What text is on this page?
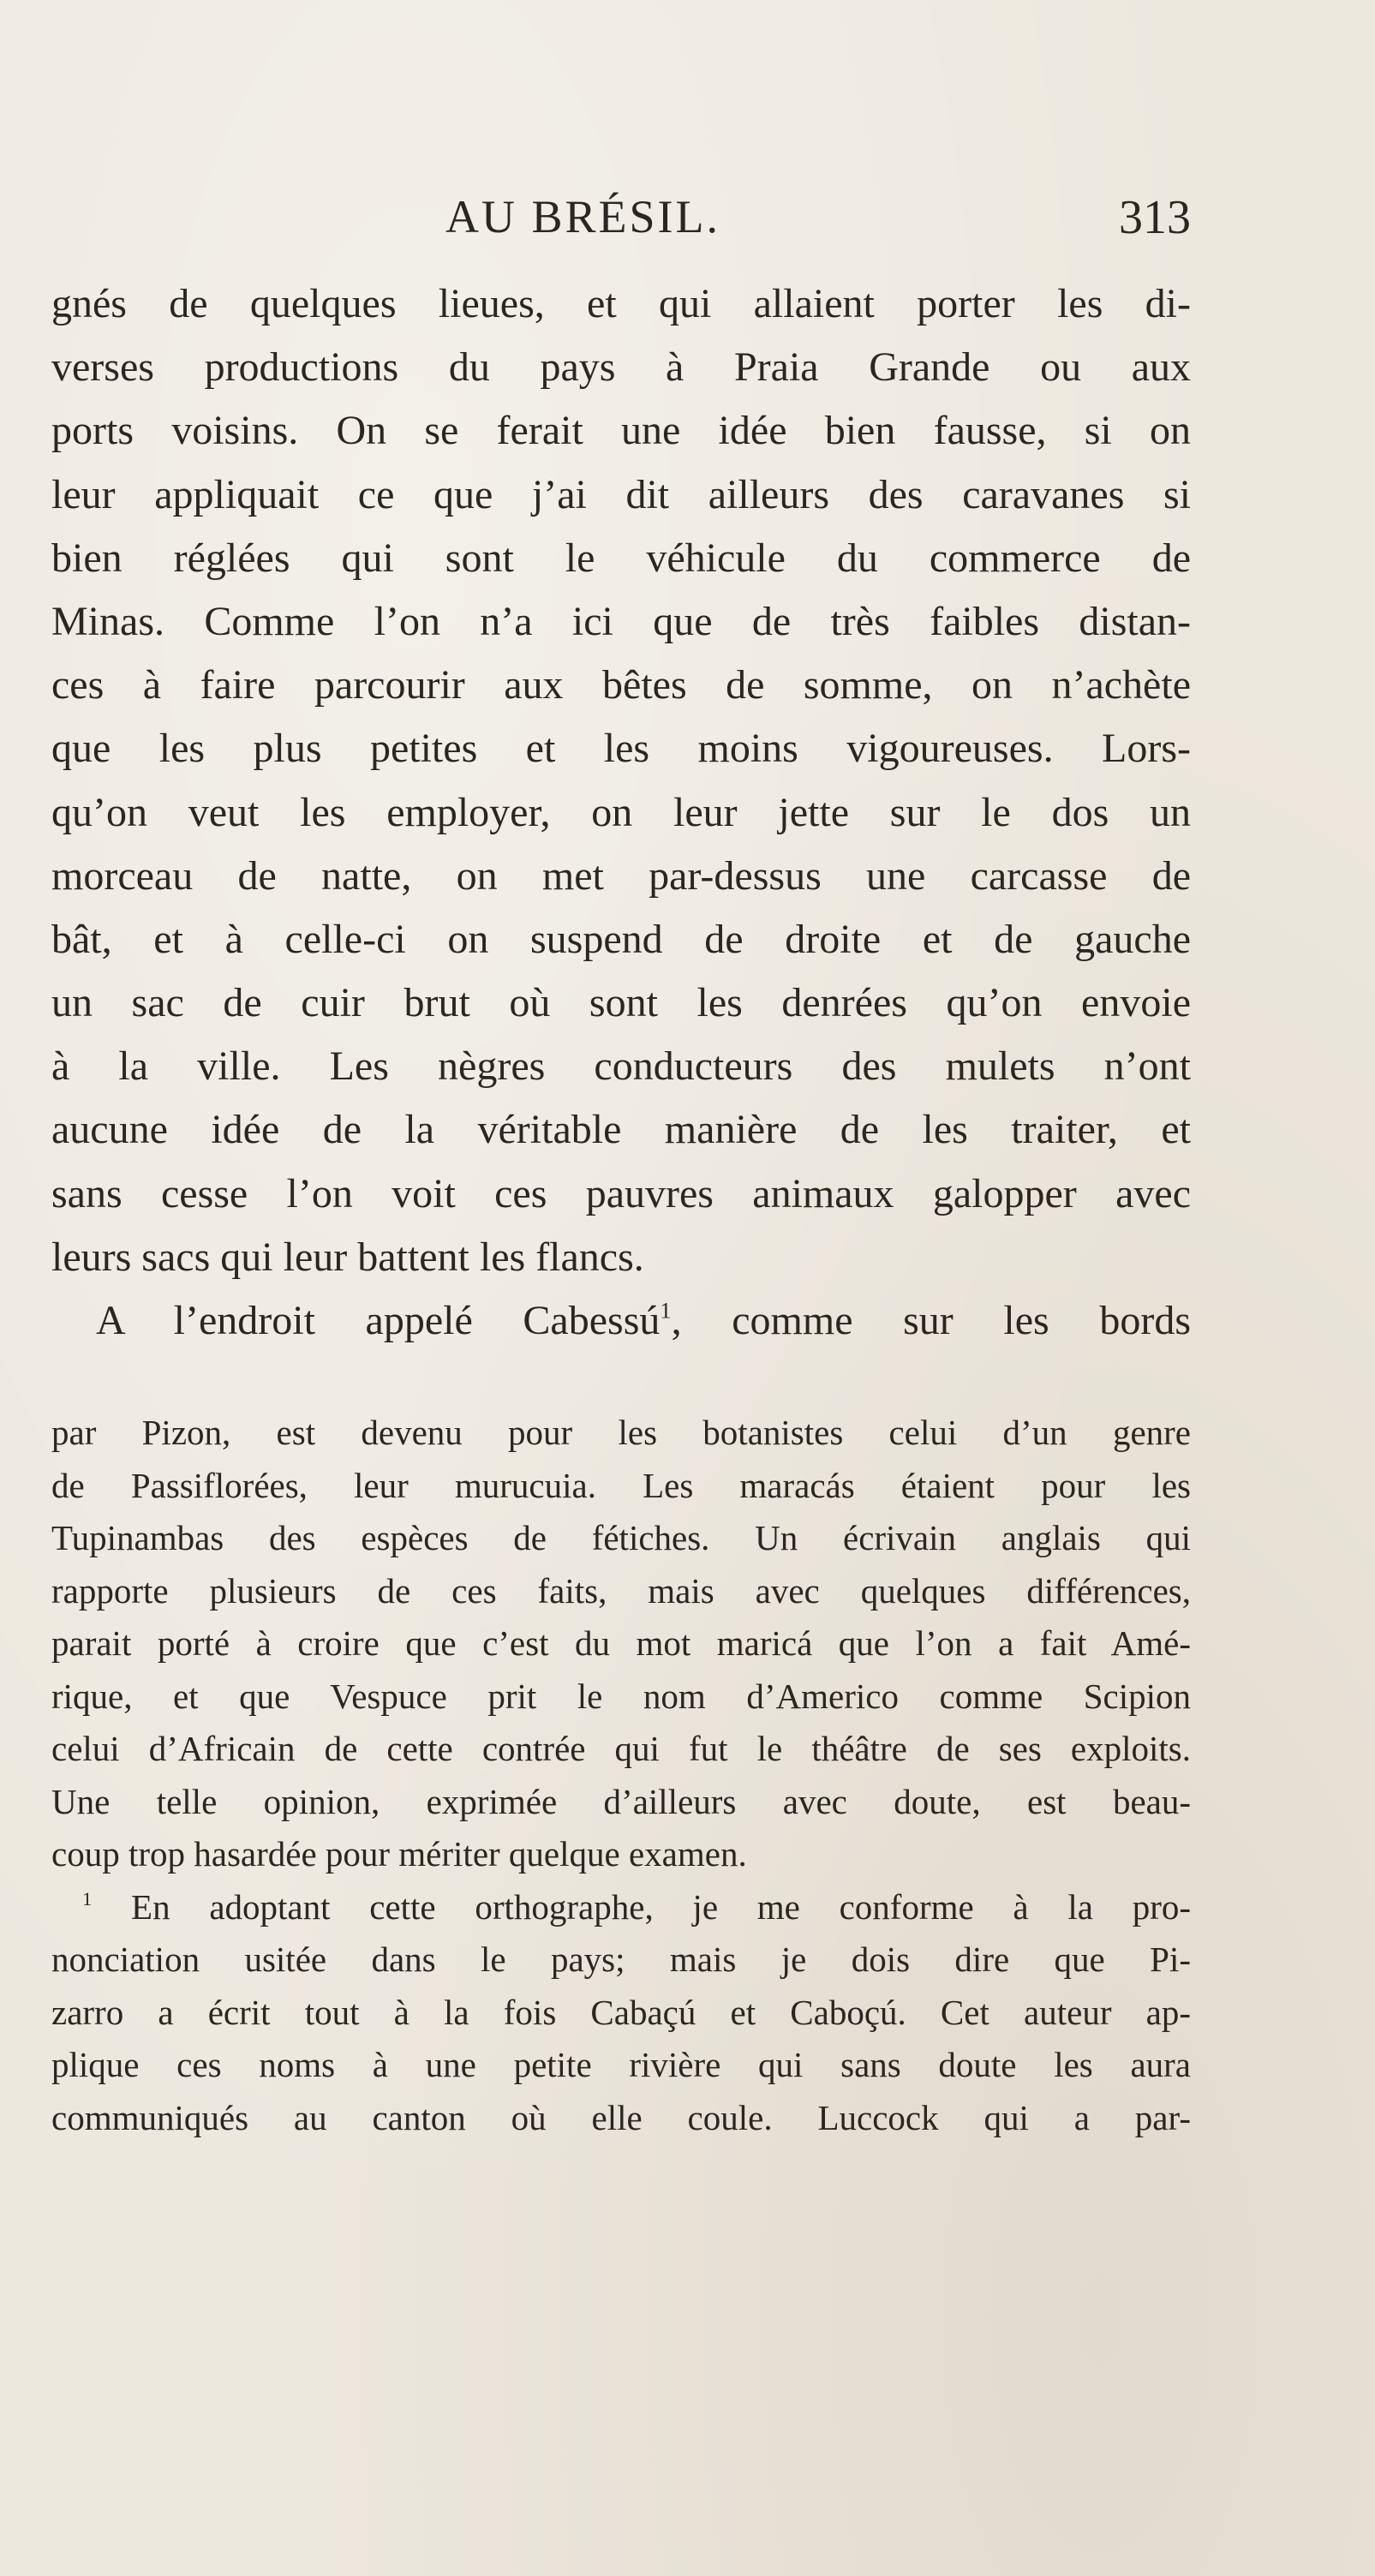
AU BRÉSIL.	313
gnés de quelques lieues, et qui allaient porter les di-
verses productions du pays à Praia Grande ou aux
ports voisins. On se ferait une idée bien fausse, si on
leur appliquait ce que j’ai dit ailleurs des caravanes si
bien réglées qui sont le véhicule du commerce de
Minas. Comme l’on n’a ici que de très faibles distan-
ces à faire parcourir aux bêtes de somme, on n’achète
que les plus petites et les moins vigoureuses. Lors-
qu’on veut les employer, on leur jette sur le dos un
morceau de natte, on met par-dessus une carcasse de
bât, et à celle-ci on suspend de droite et de gauche
un sac de cuir brut où sont les denrées qu’on envoie
à la ville. Les nègres conducteurs des mulets n’ont
aucune idée de la véritable manière de les traiter, et
sans cesse l’on voit ces pauvres animaux galopper avec
leurs sacs qui leur battent les flancs.
A l’endroit appelé Cabessú$^1$, comme sur les bords
par Pizon, est devenu pour les botanistes celui d’un genre
de Passiflorées, leur murucuia. Les maracás étaient pour les
Tupinambas des espèces de fétiches. Un écrivain anglais qui
rapporte plusieurs de ces faits, mais avec quelques différences,
parait porté à croire que c’est du mot maricá que l’on a fait Amé-
rique, et que Vespuce prit le nom d’Americo comme Scipion
celui d’Africain de cette contrée qui fut le théâtre de ses exploits.
Une telle opinion, exprimée d’ailleurs avec doute, est beau-
coup trop hasardée pour mériter quelque examen.
$^1$ En adoptant cette orthographe, je me conforme à la pro-
nonciation usitée dans le pays; mais je dois dire que Pi-
zarro a écrit tout à la fois Cabaçú et Caboçú. Cet auteur ap-
plique ces noms à une petite rivière qui sans doute les aura
communiqués au canton où elle coule. Luccock qui a par-
